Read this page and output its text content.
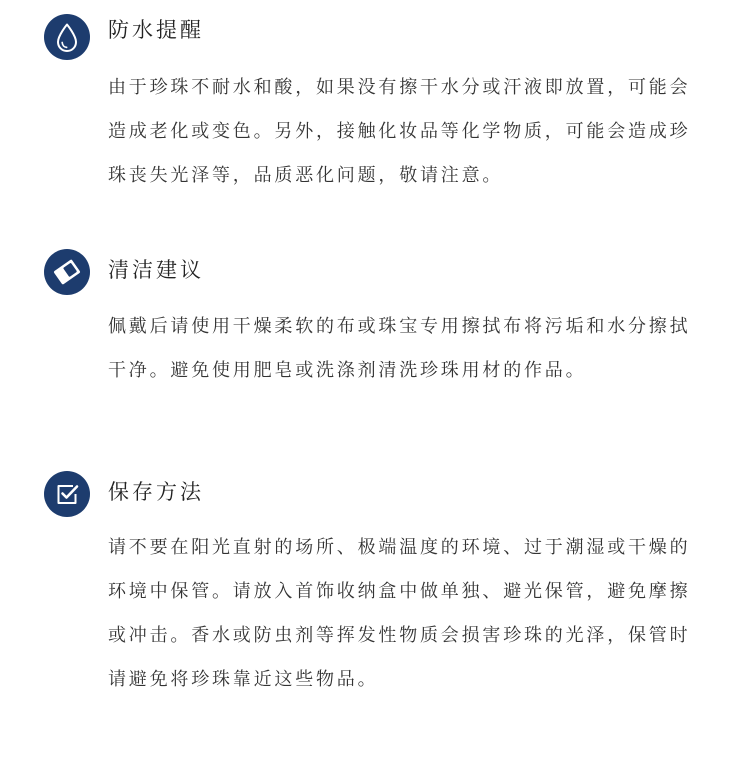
防水提醒
由于珍珠不耐水和酸，如果没有擦干水分或汗液即放置，可能会
造成老化或变色。另外，接触化妆品等化学物质，可能会造成珍
珠丧失光泽等，品质恶化问题，敬请注意。
清洁建议
佩戴后请使用干燥柔软的布或珠宝专用擦拭布将污垢和水分擦拭
干净。避免使用肥皂或洗涤剂清洗珍珠用材的作品。
保存方法
请不要在阳光直射的场所、极端温度的环境、过于潮湿或干燥的
环境中保管。请放入首饰收纳盒中做单独、避光保管，避免摩擦
或冲击。香水或防虫剂等挥发性物质会损害珍珠的光泽，保管时
请避免将珍珠靠近这些物品。
